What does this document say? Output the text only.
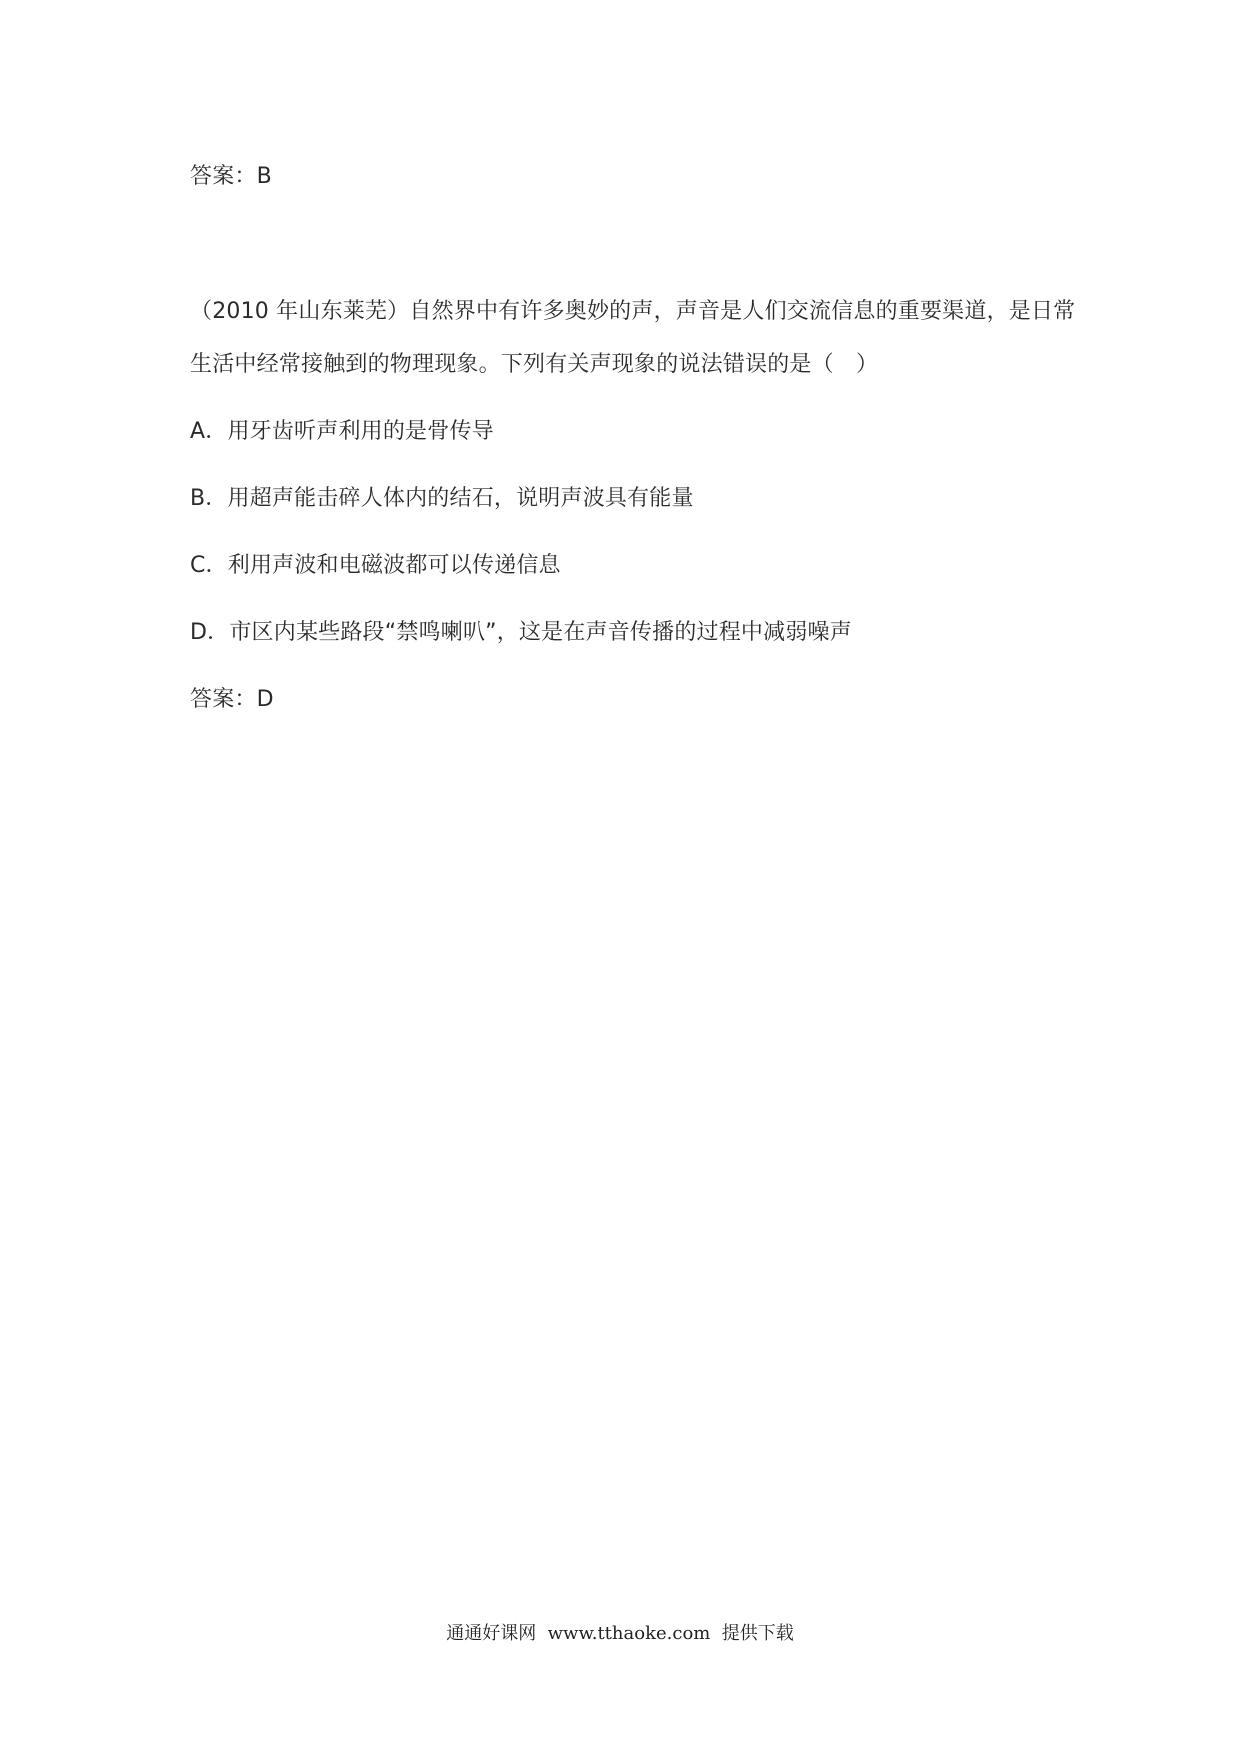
答案：B
（2010 年山东莱芜）自然界中有许多奥妙的声，声音是人们交流信息的重要渠道，是日常
生活中经常接触到的物理现象。下列有关声现象的说法错误的是（　）
A．用牙齿听声利用的是骨传导
B．用超声能击碎人体内的结石，说明声波具有能量
C．利用声波和电磁波都可以传递信息
D．市区内某些路段“禁鸣喇叭”，这是在声音传播的过程中减弱噪声
答案：D
通通好课网  www.tthaoke.com  提供下载
